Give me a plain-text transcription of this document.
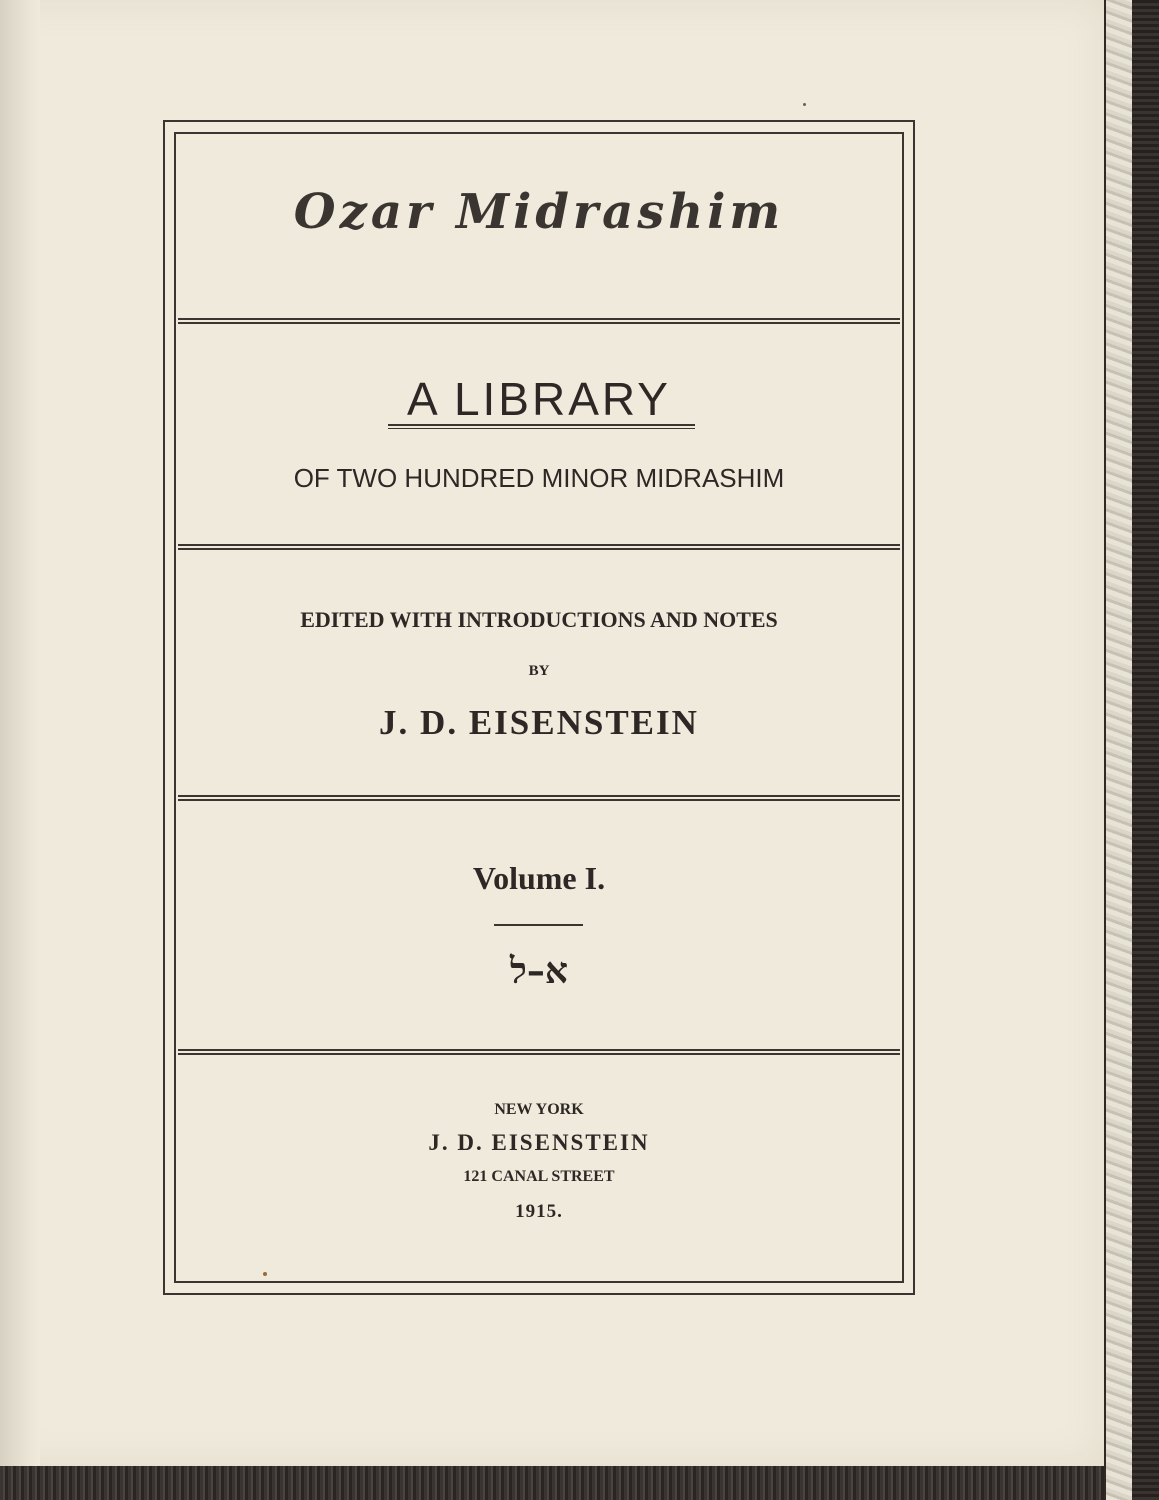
Ozar Midrashim
A LIBRARY
OF TWO HUNDRED MINOR MIDRASHIM
EDITED WITH INTRODUCTIONS AND NOTES
BY
J. D. EISENSTEIN
Volume I.
א–ל
NEW YORK
J. D. EISENSTEIN
121 CANAL STREET
1915.
